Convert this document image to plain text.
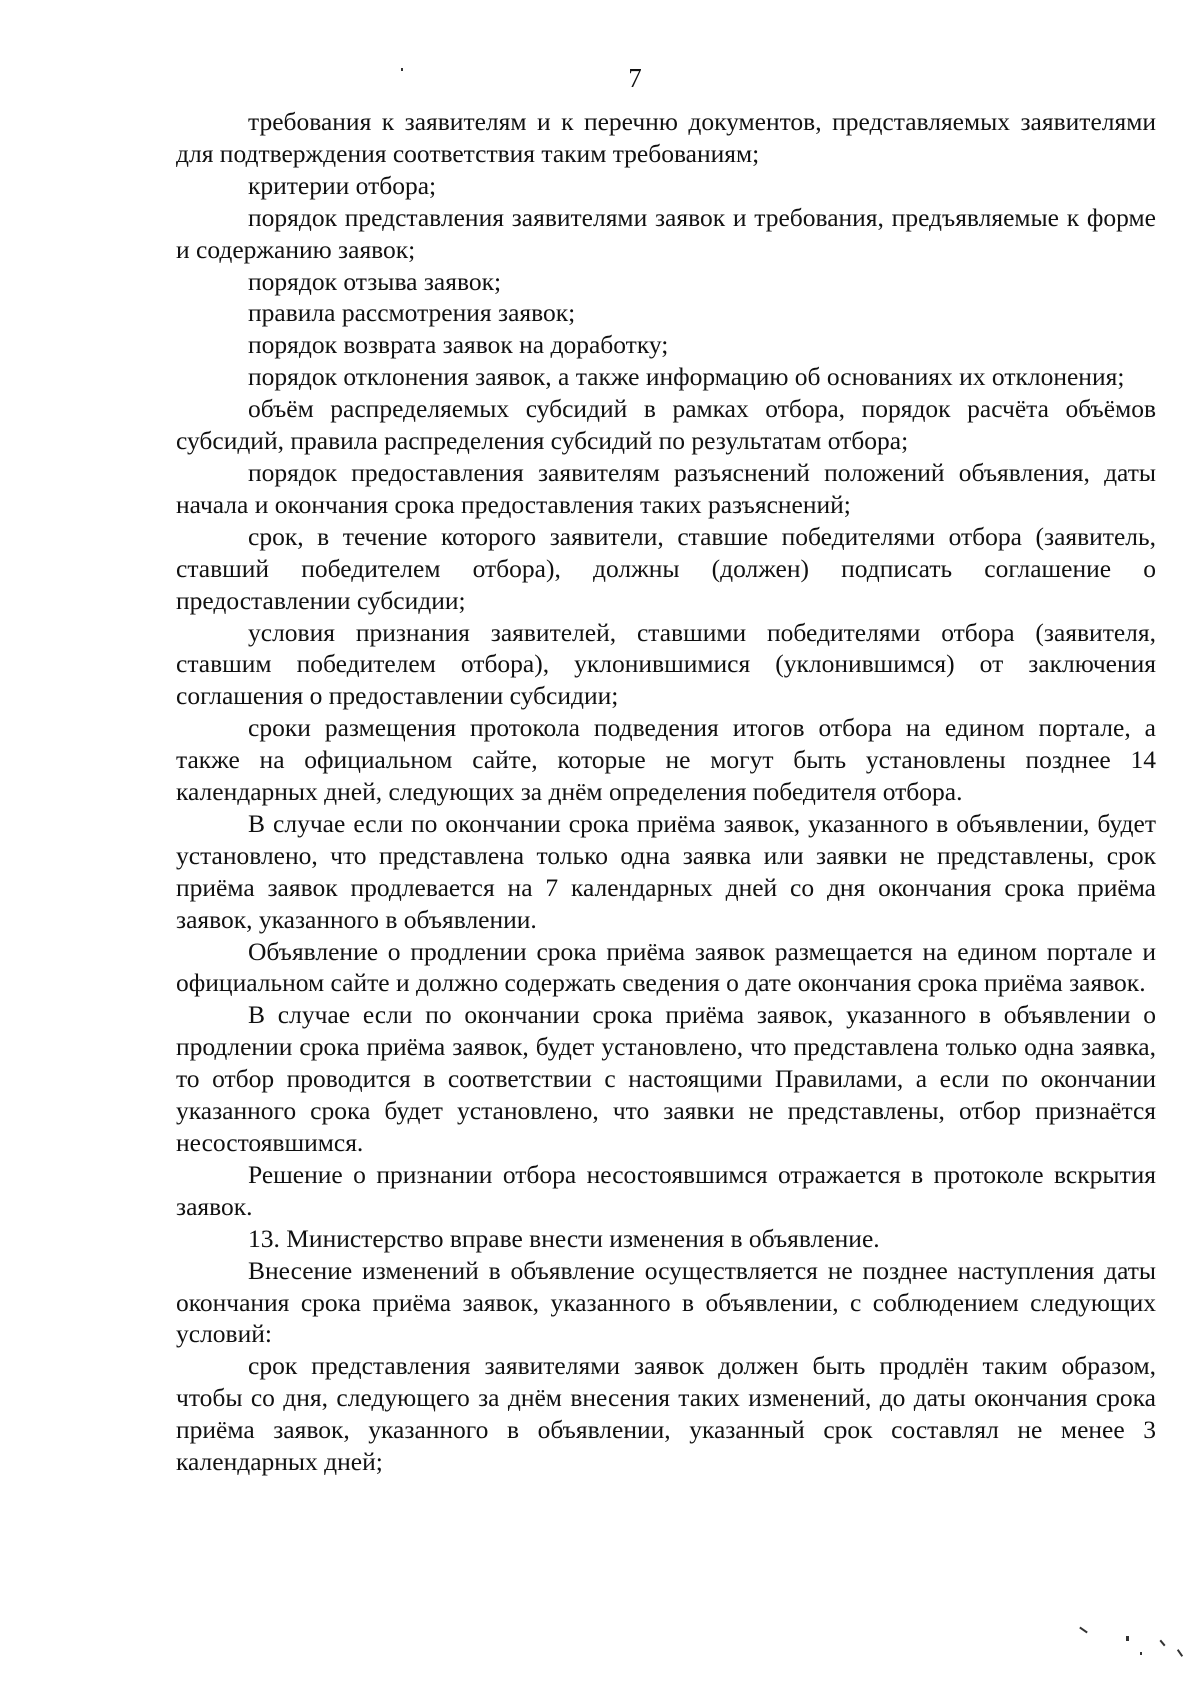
7

требования к заявителям и к перечню документов, представляемых заявителями для подтверждения соответствия таким требованиям;

критерии отбора;

порядок представления заявителями заявок и требования, предъявляемые к форме и содержанию заявок;

порядок отзыва заявок;

правила рассмотрения заявок;

порядок возврата заявок на доработку;

порядок отклонения заявок, а также информацию об основаниях их отклонения;

объём распределяемых субсидий в рамках отбора, порядок расчёта объёмов субсидий, правила распределения субсидий по результатам отбора;

порядок предоставления заявителям разъяснений положений объявления, даты начала и окончания срока предоставления таких разъяснений;

срок, в течение которого заявители, ставшие победителями отбора (заявитель, ставший победителем отбора), должны (должен) подписать соглашение о предоставлении субсидии;

условия признания заявителей, ставшими победителями отбора (заявителя, ставшим победителем отбора), уклонившимися (уклонившимся) от заключения соглашения о предоставлении субсидии;

сроки размещения протокола подведения итогов отбора на едином портале, а также на официальном сайте, которые не могут быть установлены позднее 14 календарных дней, следующих за днём определения победителя отбора.

В случае если по окончании срока приёма заявок, указанного в объявлении, будет установлено, что представлена только одна заявка или заявки не представлены, срок приёма заявок продлевается на 7 календарных дней со дня окончания срока приёма заявок, указанного в объявлении.

Объявление о продлении срока приёма заявок размещается на едином портале и официальном сайте и должно содержать сведения о дате окончания срока приёма заявок.

В случае если по окончании срока приёма заявок, указанного в объявлении о продлении срока приёма заявок, будет установлено, что представлена только одна заявка, то отбор проводится в соответствии с настоящими Правилами, а если по окончании указанного срока будет установлено, что заявки не представлены, отбор признаётся несостоявшимся.

Решение о признании отбора несостоявшимся отражается в протоколе вскрытия заявок.

13. Министерство вправе внести изменения в объявление.

Внесение изменений в объявление осуществляется не позднее наступления даты окончания срока приёма заявок, указанного в объявлении, с соблюдением следующих условий:

срок представления заявителями заявок должен быть продлён таким образом, чтобы со дня, следующего за днём внесения таких изменений, до даты окончания срока приёма заявок, указанного в объявлении, указанный срок составлял не менее 3 календарных дней;
